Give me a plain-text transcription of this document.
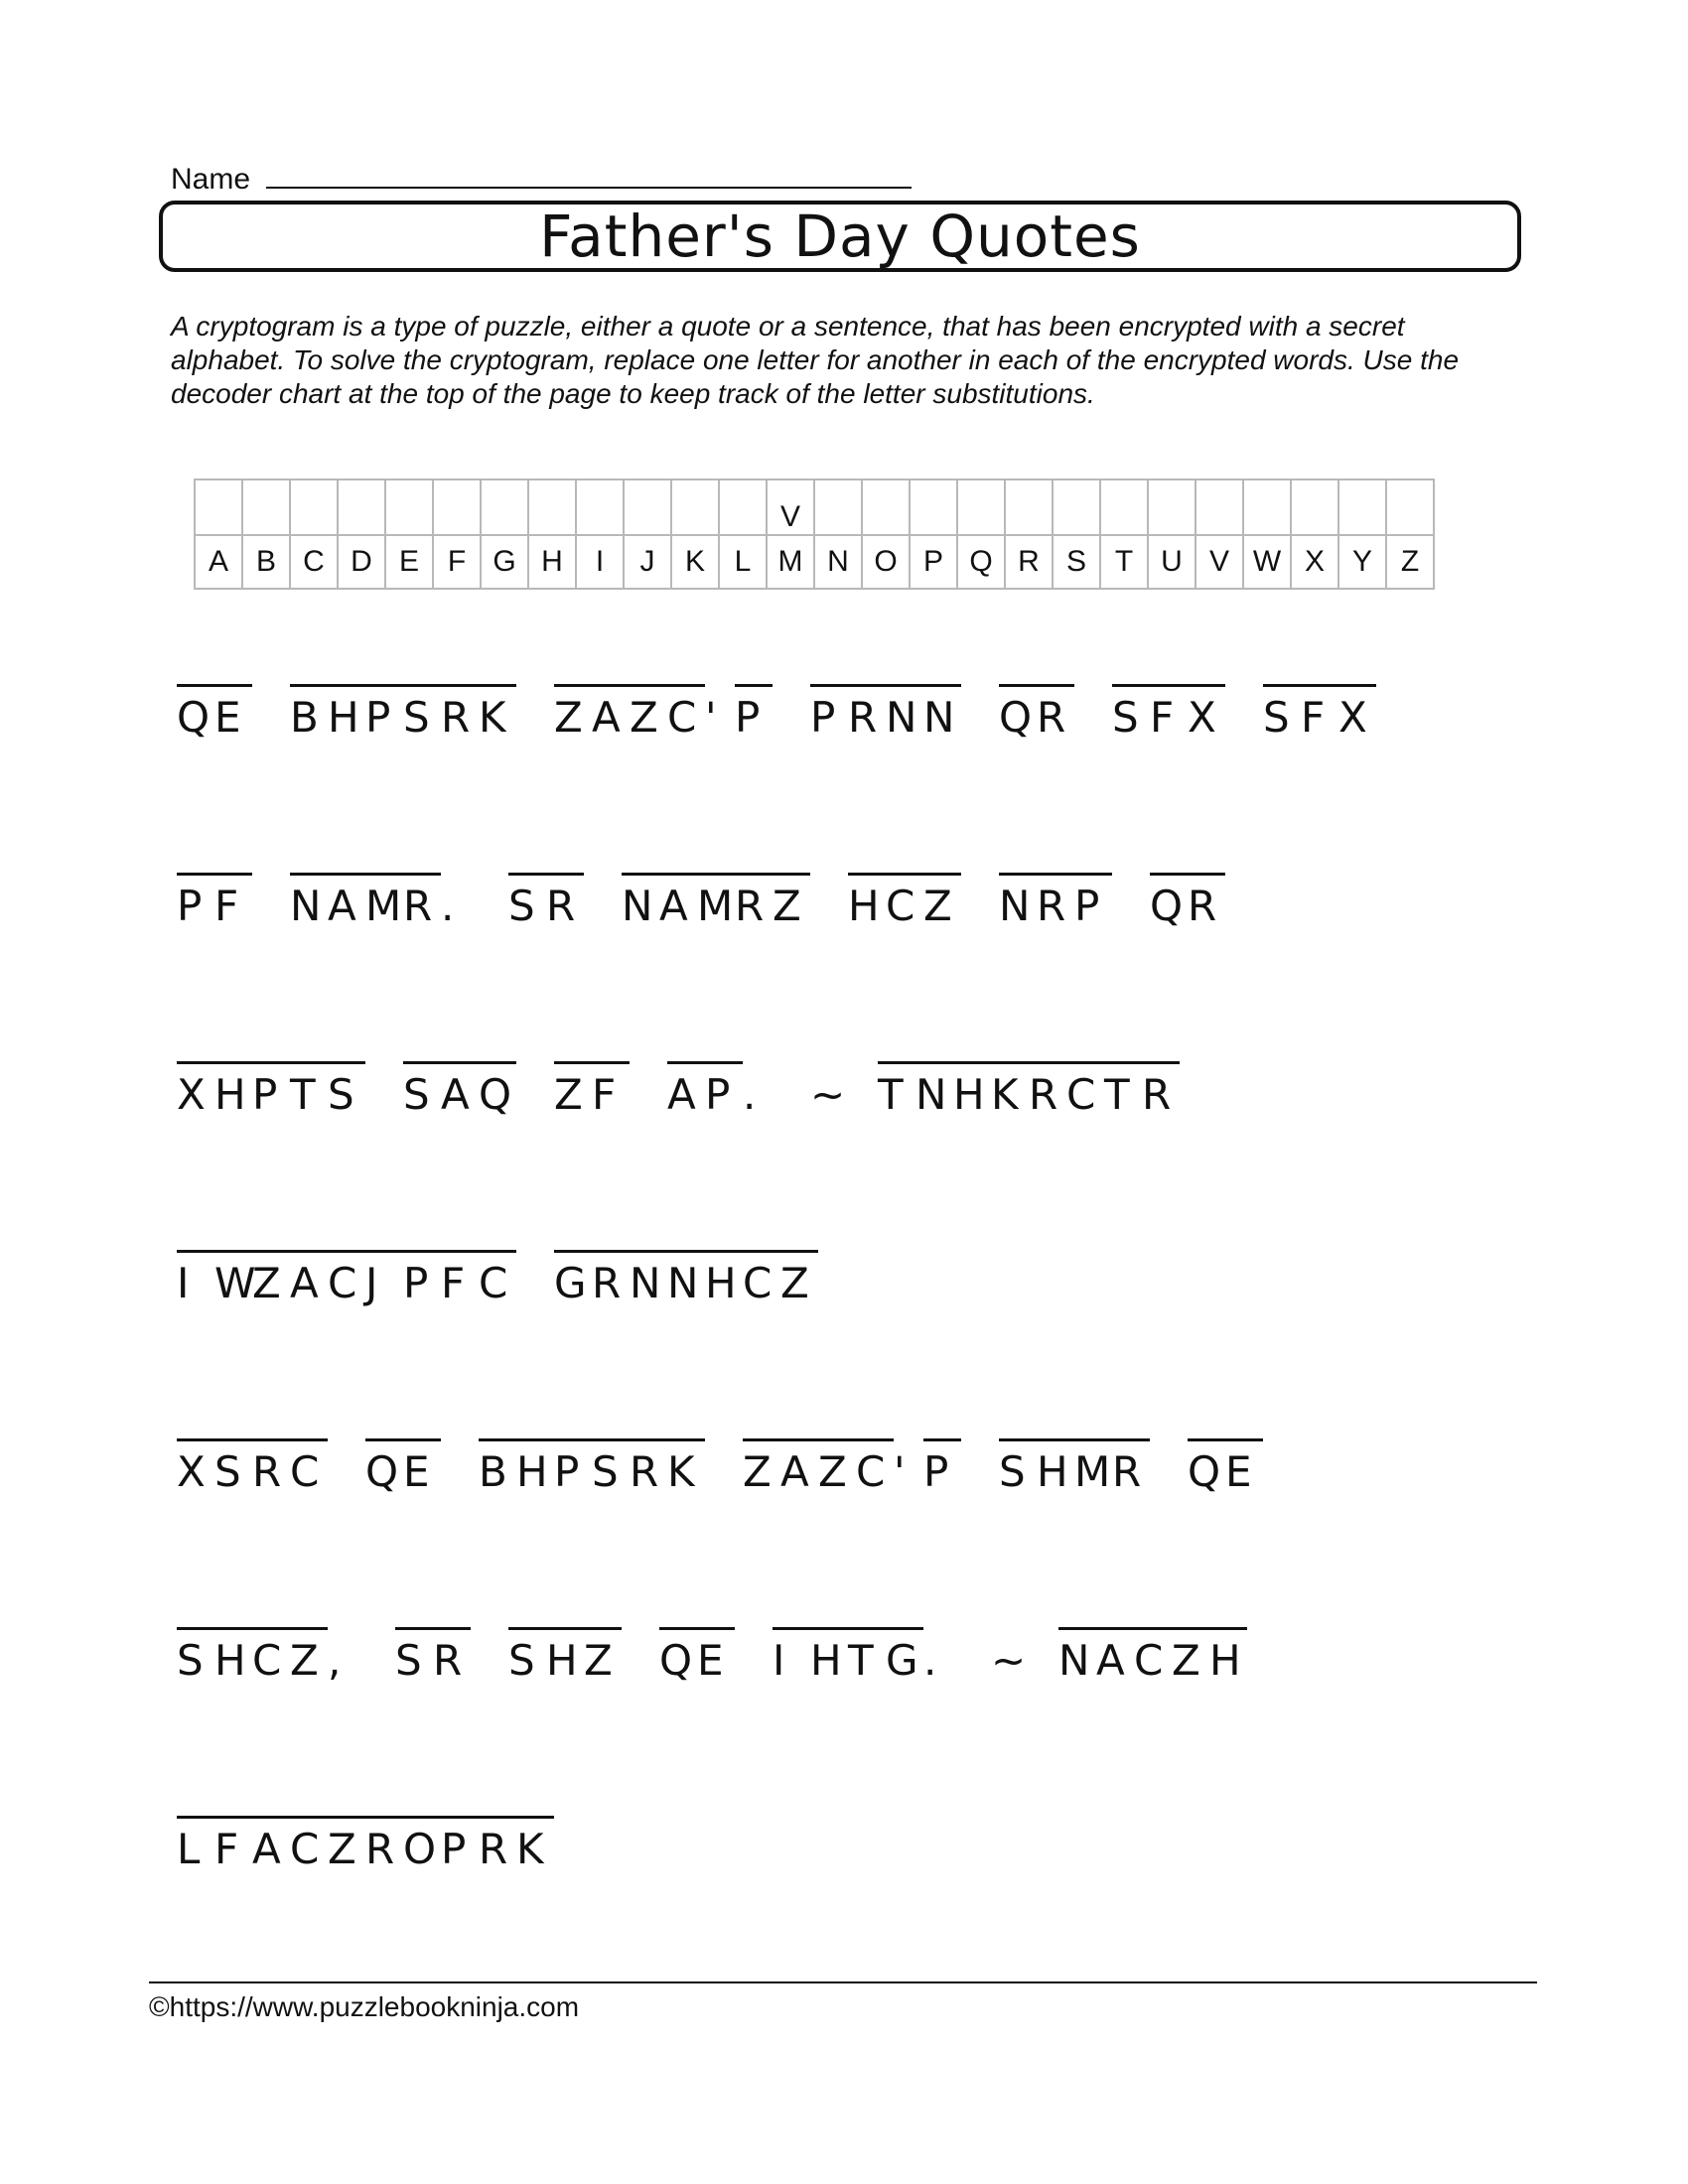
Name
Father's Day Quotes
A cryptogram is a type of puzzle, either a quote or a sentence, that has been encrypted with a secret alphabet. To solve the cryptogram, replace one letter for another in each of the encrypted words. Use the decoder chart at the top of the page to keep track of the letter substitutions.
												V													
A	B	C	D	E	F	G	H	I	J	K	L	M	N	O	P	Q	R	S	T	U	V	W	X	Y	Z
Q E B H P S R K Z A Z C ' P	P R N N Q R S F X S F X
P F	N A M R .	S R N A M R Z H C Z N R P	Q R
X H P T S S A Q Z F	A P .	~ T N H K R C T R
I W
Z A C J P F C G R N N H C Z
X S R C Q E B H P S R K Z A Z C ' P	S H M R Q E
S H C Z ,	S R S H Z Q E I H T G .	~ N A C Z H
L F A C Z R O P R K
©https://www.puzzlebookninja.com
